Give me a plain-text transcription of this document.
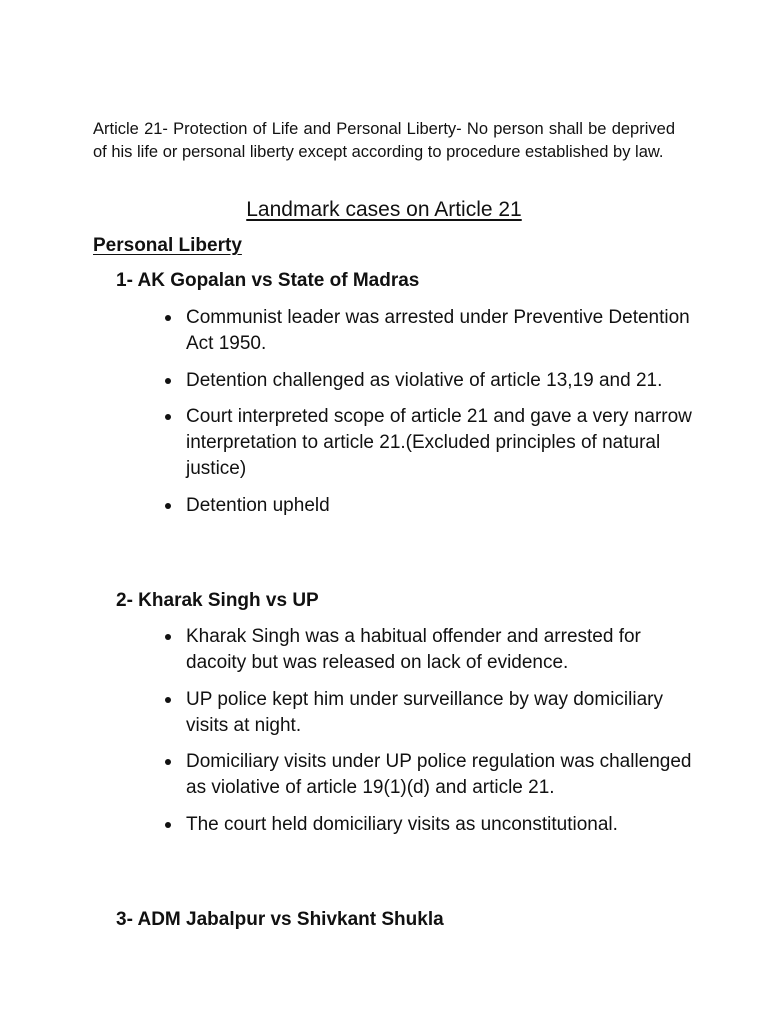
Article 21- Protection of Life and Personal Liberty- No person shall be deprived of his life or personal liberty except according to procedure established by law.

Landmark cases on Article 21
Personal Liberty
1- AK Gopalan vs State of Madras
Communist leader was arrested under Preventive Detention Act 1950.
Detention challenged as violative of article 13,19 and 21.
Court interpreted scope of article 21 and gave a very narrow interpretation to article 21.(Excluded principles of natural justice)
Detention upheld
2- Kharak Singh vs UP
Kharak Singh was a habitual offender and arrested for dacoity but was released on lack of evidence.
UP police kept him under surveillance by way domiciliary visits at night.
Domiciliary visits under UP police regulation was challenged as violative of article 19(1)(d) and article 21.
The court held domiciliary visits as unconstitutional.
3- ADM Jabalpur vs Shivkant Shukla
